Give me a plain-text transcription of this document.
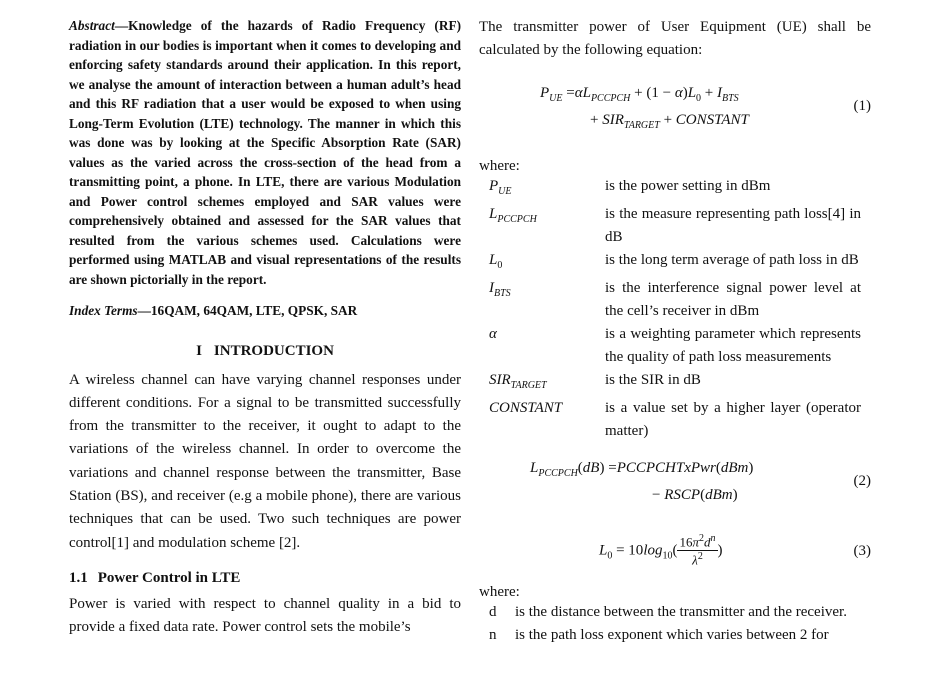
Abstract—Knowledge of the hazards of Radio Frequency (RF) radiation in our bodies is important when it comes to developing and enforcing safety standards around their application. In this report, we analyse the amount of interaction between a human adult’s head and this RF radiation that a user would be exposed to when using Long-Term Evolution (LTE) technology. The manner in which this was done was by looking at the Specific Absorption Rate (SAR) values as the varied across the cross-section of the head from a transmitting point, a phone. In LTE, there are various Modulation and Power control schemes employed and SAR values were comprehensively obtained and assessed for the SAR values that resulted from the various schemes used. Calculations were performed using MATLAB and visual representations of the results are shown pictorially in the report.

Index Terms—16QAM, 64QAM, LTE, QPSK, SAR

I INTRODUCTION

A wireless channel can have varying channel responses under different conditions. For a signal to be transmitted successfully from the transmitter to the receiver, it ought to adapt to the variations of the wireless channel. In order to overcome the variations and channel response between the transmitter, Base Station (BS), and receiver (e.g a mobile phone), there are various techniques that can be used. Two such techniques are power control[1] and modulation scheme [2].

1.1 Power Control in LTE

Power is varied with respect to channel quality in a bid to provide a fixed data rate. Power control sets the mobile’s

The transmitter power of User Equipment (UE) shall be calculated by the following equation:

$P_{UE} =\alpha L_{PCCPCH} + (1 - \alpha)L_0 + I_{BTS}$
+ $SIR_{TARGET}$ + CONSTANT
(1)

where:

$P_{UE}$	is the power setting in dBm
$L_{PCCPCH}$	is the measure representing path loss[4] in dB
$L_0$	is the long term average of path loss in dB
$I_{BTS}$	is the interference signal power level at the cell’s receiver in dBm
α	is a weighting parameter which represents the quality of path loss measurements
$SIR_{TARGET}$	is the SIR in dB
CONSTANT	is a value set by a higher layer (operator matter)
$L_{PCCPCH}(dB)$ =PCCPCHTxPwr(dBm)
− RSCP(dBm)
(2)
$L_0 = 10\log_{10}( \frac{16\pi^2d^n}{\lambda^2}$ )	(3)

where:

d	is the distance between the transmitter and the receiver.
n	is the path loss exponent which varies between 2 for
